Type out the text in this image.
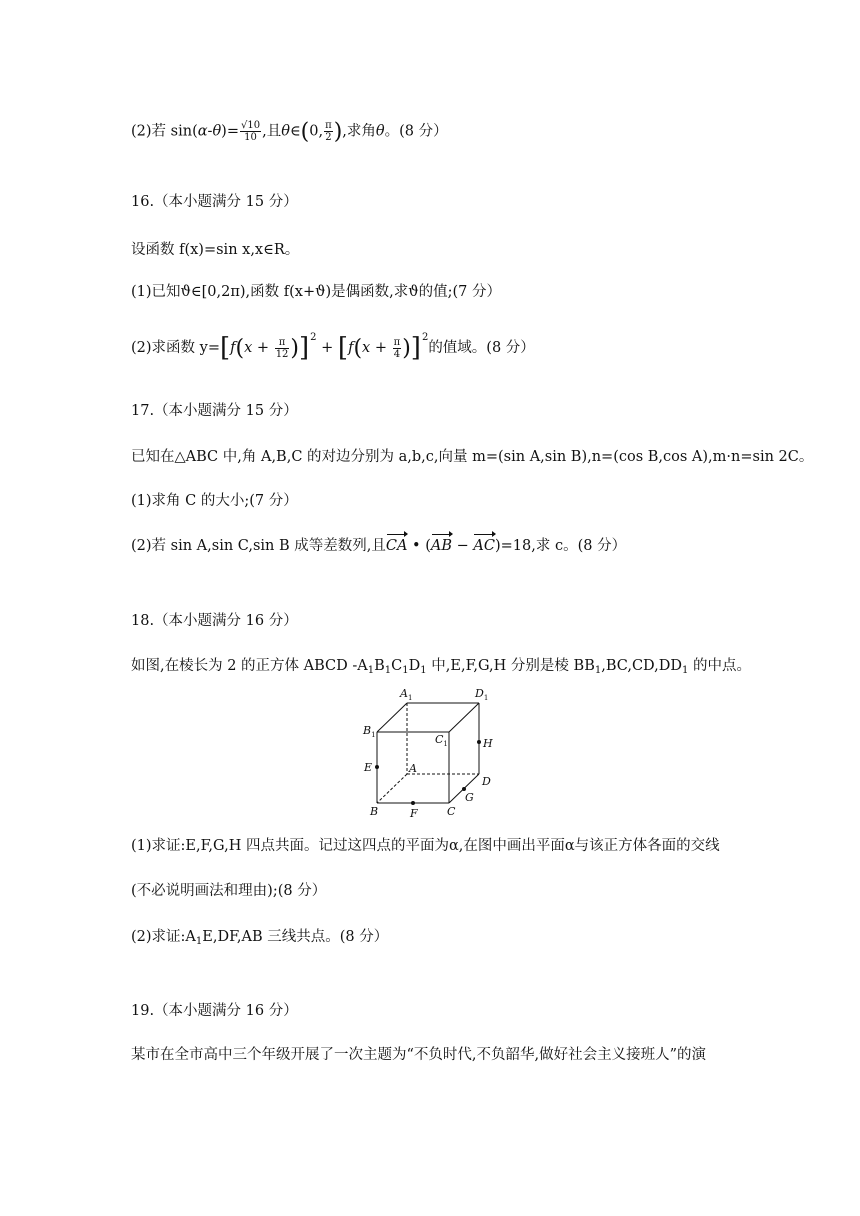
(2)若 $\sin(\alpha-\theta)= \frac{√10}{10}$ ,且θ∈(0, $\frac{\pi}{2}$ ),求角θ。(8 分）
16.（本小题满分 15 分）
设函数 f(x)=sin x,x∈R。
(1)已知ϑ∈[0,2π),函数 f(x+ϑ)是偶函数,求ϑ的值;(7 分）
(2)求函数 $y=[f(x + \frac{\pi}{12} )]^2 + [f(x + \frac{\pi}{4} )]^2$的值域。(8 分）
17.（本小题满分 15 分）
已知在△ABC 中,角 A,B,C 的对边分别为 a,b,c,向量 m=(sin A,sin B),n=(cos B,cos A),m·n=sin 2C。
(1)求角 C 的大小;(7 分）
(2)若 sin A,sin C,sin B 成等差数列,且CA • (AB − AC)=18,求 c。(8 分）
18.（本小题满分 16 分）
如图,在棱长为 2 的正方体 ABCD $-A_1B_1C_1D_1$ 中,E,F,G,H 分别是棱 $BB_1,BC,CD,DD_1$ 的中点。
$A_1$	$D_1$
$B_1$	$C_1$	H
E	A
D
G
B	F	C
(1)求证:E,F,G,H 四点共面。记过这四点的平面为α,在图中画出平面α与该正方体各面的交线
(不必说明画法和理由);(8 分）
(2)求证$:A_1E,DF,AB$ 三线共点。(8 分）
19.（本小题满分 16 分）
某市在全市高中三个年级开展了一次主题为“不负时代,不负韶华,做好社会主义接班人”的演
